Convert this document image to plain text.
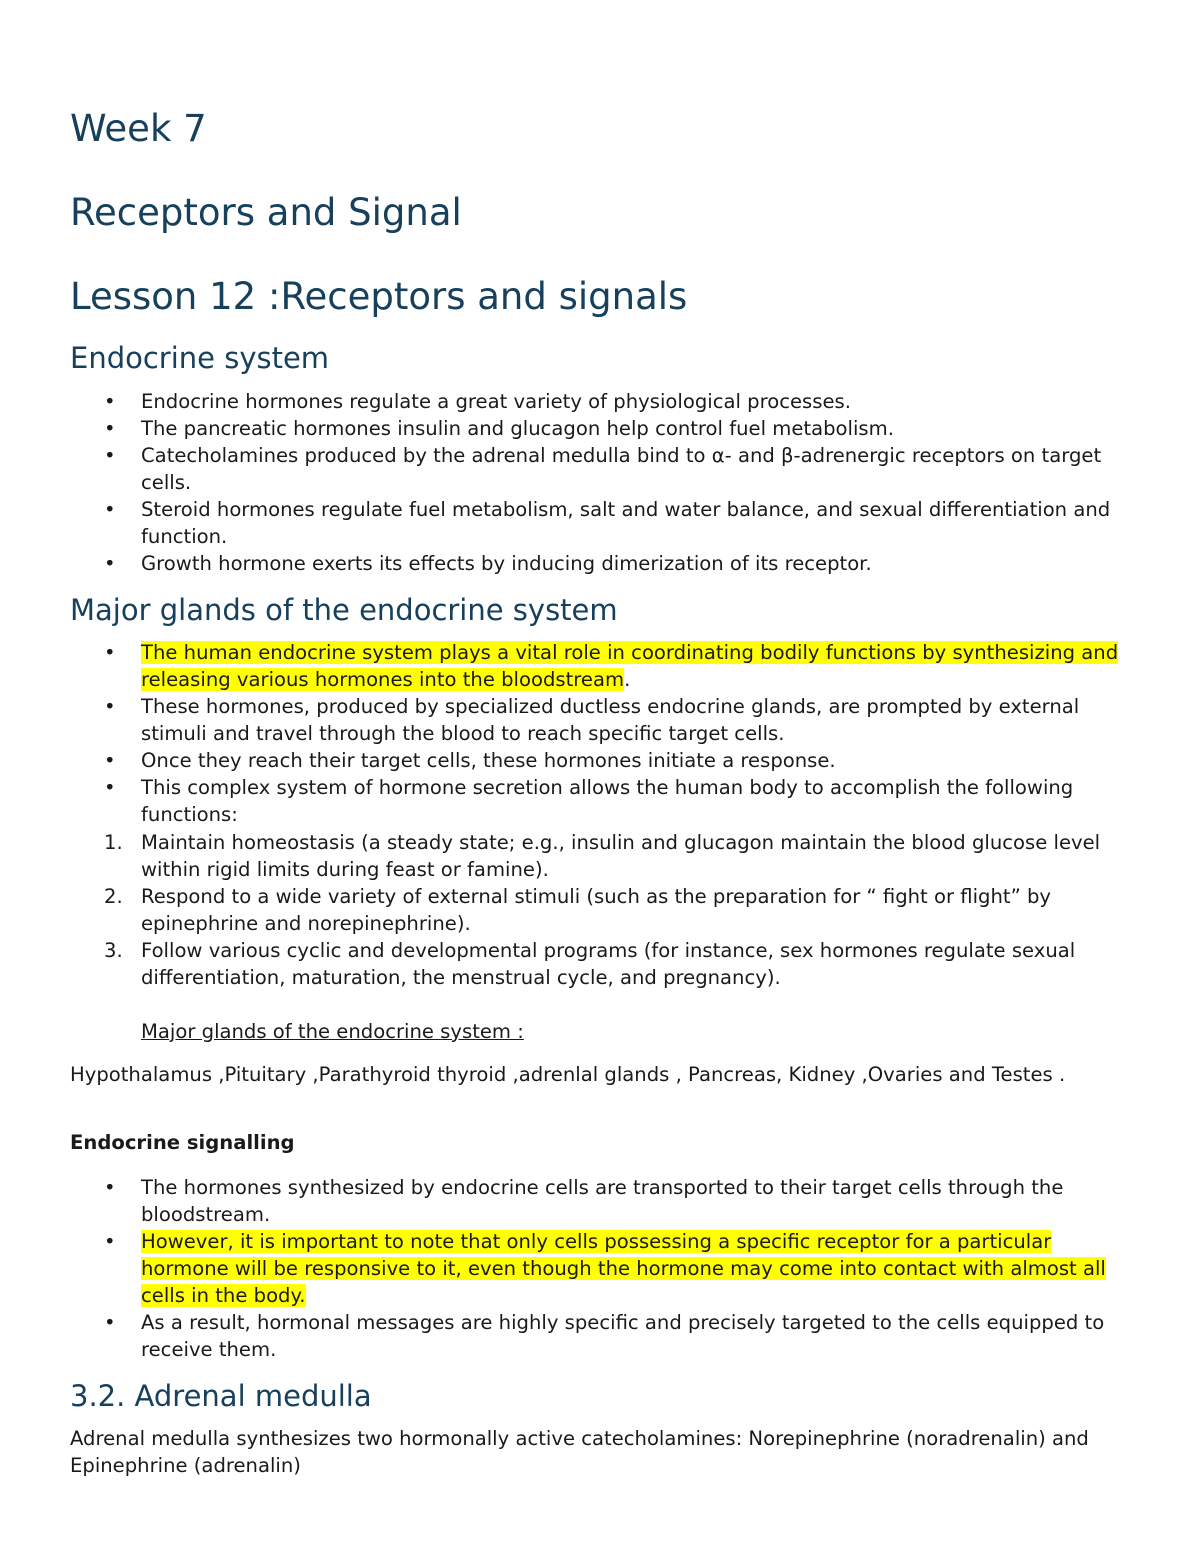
Week 7
Receptors and Signal
Lesson 12 :Receptors and signals
Endocrine system
• Endocrine hormones regulate a great variety of physiological processes.
• The pancreatic hormones insulin and glucagon help control fuel metabolism.
• Catecholamines produced by the adrenal medulla bind to α- and β-adrenergic receptors on target cells.
• Steroid hormones regulate fuel metabolism, salt and water balance, and sexual differentiation and function.
• Growth hormone exerts its effects by inducing dimerization of its receptor.
Major glands of the endocrine system
• The human endocrine system plays a vital role in coordinating bodily functions by synthesizing and releasing various hormones into the bloodstream.
• These hormones, produced by specialized ductless endocrine glands, are prompted by external stimuli and travel through the blood to reach specific target cells.
• Once they reach their target cells, these hormones initiate a response.
• This complex system of hormone secretion allows the human body to accomplish the following functions:
1. Maintain homeostasis (a steady state; e.g., insulin and glucagon maintain the blood glucose level within rigid limits during feast or famine).
2. Respond to a wide variety of external stimuli (such as the preparation for “ fight or flight” by epinephrine and norepinephrine).
3. Follow various cyclic and developmental programs (for instance, sex hormones regulate sexual differentiation, maturation, the menstrual cycle, and pregnancy).

Major glands of the endocrine system :

Hypothalamus ,Pituitary ,Parathyroid thyroid ,adrenlal glands , Pancreas, Kidney ,Ovaries and Testes .

Endocrine signalling

• The hormones synthesized by endocrine cells are transported to their target cells through the bloodstream.
• However, it is important to note that only cells possessing a specific receptor for a particular hormone will be responsive to it, even though the hormone may come into contact with almost all cells in the body.
• As a result, hormonal messages are highly specific and precisely targeted to the cells equipped to receive them.
3.2. Adrenal medulla

Adrenal medulla synthesizes two hormonally active catecholamines: Norepinephrine (noradrenalin) and Epinephrine (adrenalin)
